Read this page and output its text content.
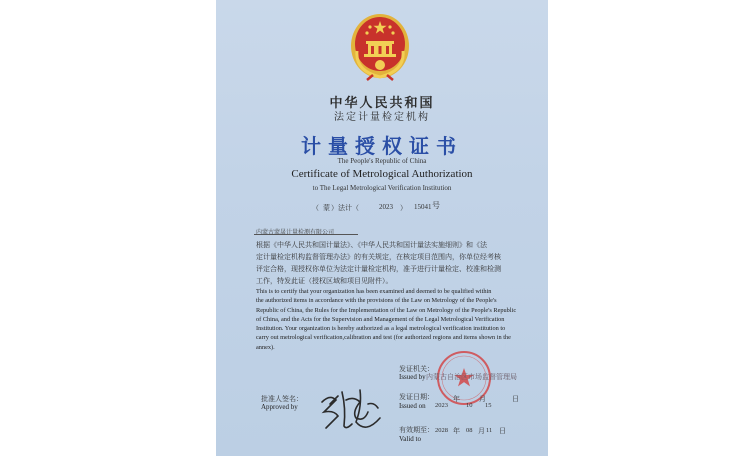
中华人民共和国
法定计量检定机构
计量授权证书
The People's Republic of China
Certificate of Metrological Authorization
to The Legal Metrological Verification Institution
（ 蒙 ）法计（	2023 ） 15041 号
内蒙古蒙晟计量检测有限公司
根据《中华人民共和国计量法》、《中华人民共和国计量法实施细则》和《法
定计量检定机构监督管理办法》的有关规定，在核定项目范围内，你单位经考核
评定合格，现授权你单位为法定计量检定机构，准予进行计量检定、校准和检测
工作，特发此证（授权区域和项目见附件）。
This is to certify that your organization has been examined and deemed to be qualified within
the authorized items in accordance with the provisions of the Law on Metrology of the People's
Republic of China, the Rules for the Implementation of the Law on Metrology of the People's Republic
of China, and the Acts for the Supervision and Management of the Legal Metrological Verification
Institution. Your organization is hereby authorized as a legal metrological verification institution to
carry out metrological verification,calibration and test (for authorized regions and items shown in the
annex).
发证机关：
Issued by 内蒙古自治区市场监督管理局
批准人签名：
Approved by
发证日期：
Issued on 2023
年
10
月
15
日
有效期至：
Valid to
2028 年 08 月 11 日
